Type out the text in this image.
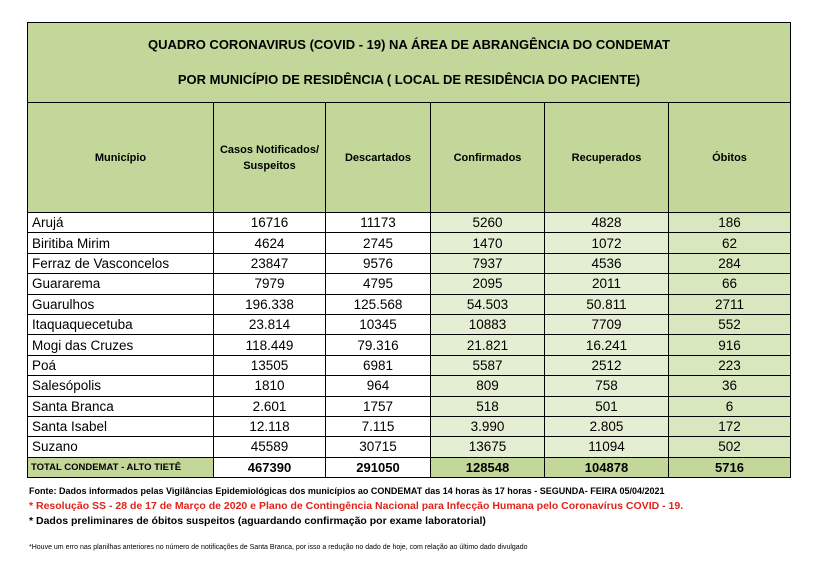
QUADRO CORONAVIRUS (COVID - 19) NA ÁREA DE ABRANGÊNCIA DO CONDEMAT
POR MUNICÍPIO DE RESIDÊNCIA ( LOCAL DE RESIDÊNCIA DO PACIENTE)					

Município	Casos Notificados/ Suspeitos	Descartados	Confirmados	Recuperados	Óbitos
Arujá	16716	11173	5260	4828	186
Biritiba Mirim	4624	2745	1470	1072	62
Ferraz de Vasconcelos	23847	9576	7937	4536	284
Guararema	7979	4795	2095	2011	66
Guarulhos	196.338	125.568	54.503	50.811	2711
Itaquaquecetuba	23.814	10345	10883	7709	552
Mogi das Cruzes	118.449	79.316	21.821	16.241	916
Poá	13505	6981	5587	2512	223
Salesópolis	1810	964	809	758	36
Santa Branca	2.601	1757	518	501	6
Santa Isabel	12.118	7.115	3.990	2.805	172
Suzano	45589	30715	13675	11094	502
TOTAL CONDEMAT - ALTO TIETÊ	467390	291050	128548	104878	5716
Fonte: Dados informados pelas Vigilâncias Epidemiológicas dos municípios ao CONDEMAT das 14 horas às 17 horas - SEGUNDA- FEIRA 05/04/2021
* Resolução SS - 28 de 17 de Março de 2020 e Plano de Contingência Nacional para Infecção Humana pelo Coronavírus COVID - 19.
* Dados preliminares de óbitos suspeitos (aguardando confirmação por exame laboratorial)
*Houve um erro nas planilhas anteriores no número de notificações de Santa Branca, por isso a redução no dado de hoje, com relação ao último dado divulgado
